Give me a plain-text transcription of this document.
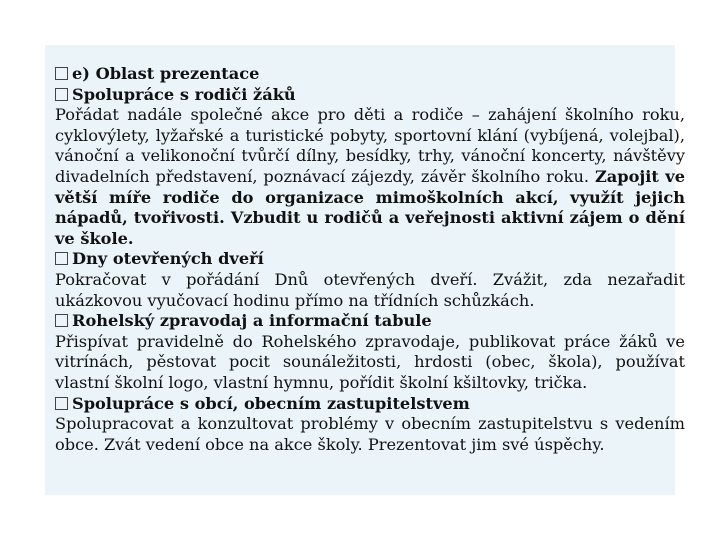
e) Oblast prezentace

Spolupráce s rodiči žáků

Pořádat nadále společné akce pro děti a rodiče – zahájení školního roku, cyklovýlety, lyžařské a turistické pobyty, sportovní klání (vybíjená, volejbal), vánoční a velikonoční tvůrčí dílny, besídky, trhy, vánoční koncerty, návštěvy divadelních představení, poznávací zájezdy, závěr školního roku. Zapojit ve větší míře rodiče do organizace mimoškolních akcí, využít jejich nápadů, tvořivosti. Vzbudit u rodičů a veřejnosti aktivní zájem o dění ve škole.

Dny otevřených dveří

Pokračovat v pořádání Dnů otevřených dveří. Zvážit, zda nezařadit ukázkovou vyučovací hodinu přímo na třídních schůzkách.

Rohelský zpravodaj a informační tabule

Přispívat pravidelně do Rohelského zpravodaje, publikovat práce žáků ve vitrínách, pěstovat pocit sounáležitosti, hrdosti (obec, škola), používat vlastní školní logo, vlastní hymnu, pořídit školní kšiltovky, trička.

Spolupráce s obcí, obecním zastupitelstvem

Spolupracovat a konzultovat problémy v obecním zastupitelstvu s vedením obce. Zvát vedení obce na akce školy. Prezentovat jim své úspěchy.
